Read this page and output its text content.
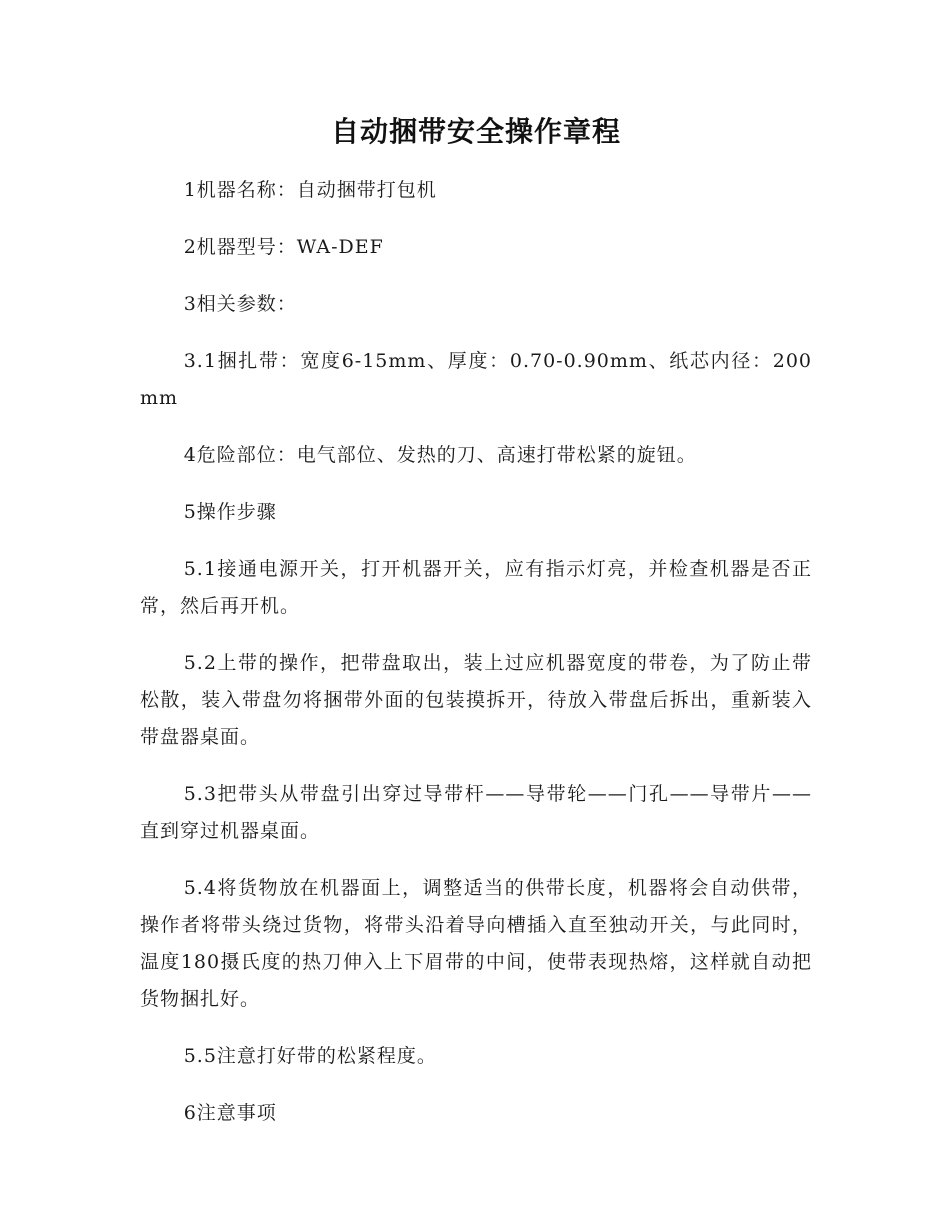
自动捆带安全操作章程

1机器名称：自动捆带打包机

2机器型号：WA-DEF

3相关参数：

3.1捆扎带：宽度6-15mm、厚度：0.70-0.90mm、纸芯内径：200mm

4危险部位：电气部位、发热的刀、高速打带松紧的旋钮。

5操作步骤

5.1接通电源开关，打开机器开关，应有指示灯亮，并检查机器是否正常，然后再开机。

5.2上带的操作，把带盘取出，装上过应机器宽度的带卷，为了防止带松散，装入带盘勿将捆带外面的包装摸拆开，待放入带盘后拆出，重新装入带盘器桌面。

5.3把带头从带盘引出穿过导带杆——导带轮——门孔——导带片——直到穿过机器桌面。

5.4将货物放在机器面上，调整适当的供带长度，机器将会自动供带，操作者将带头绕过货物，将带头沿着导向槽插入直至独动开关，与此同时，温度180摄氏度的热刀伸入上下眉带的中间，使带表现热熔，这样就自动把货物捆扎好。

5.5注意打好带的松紧程度。

6注意事项
